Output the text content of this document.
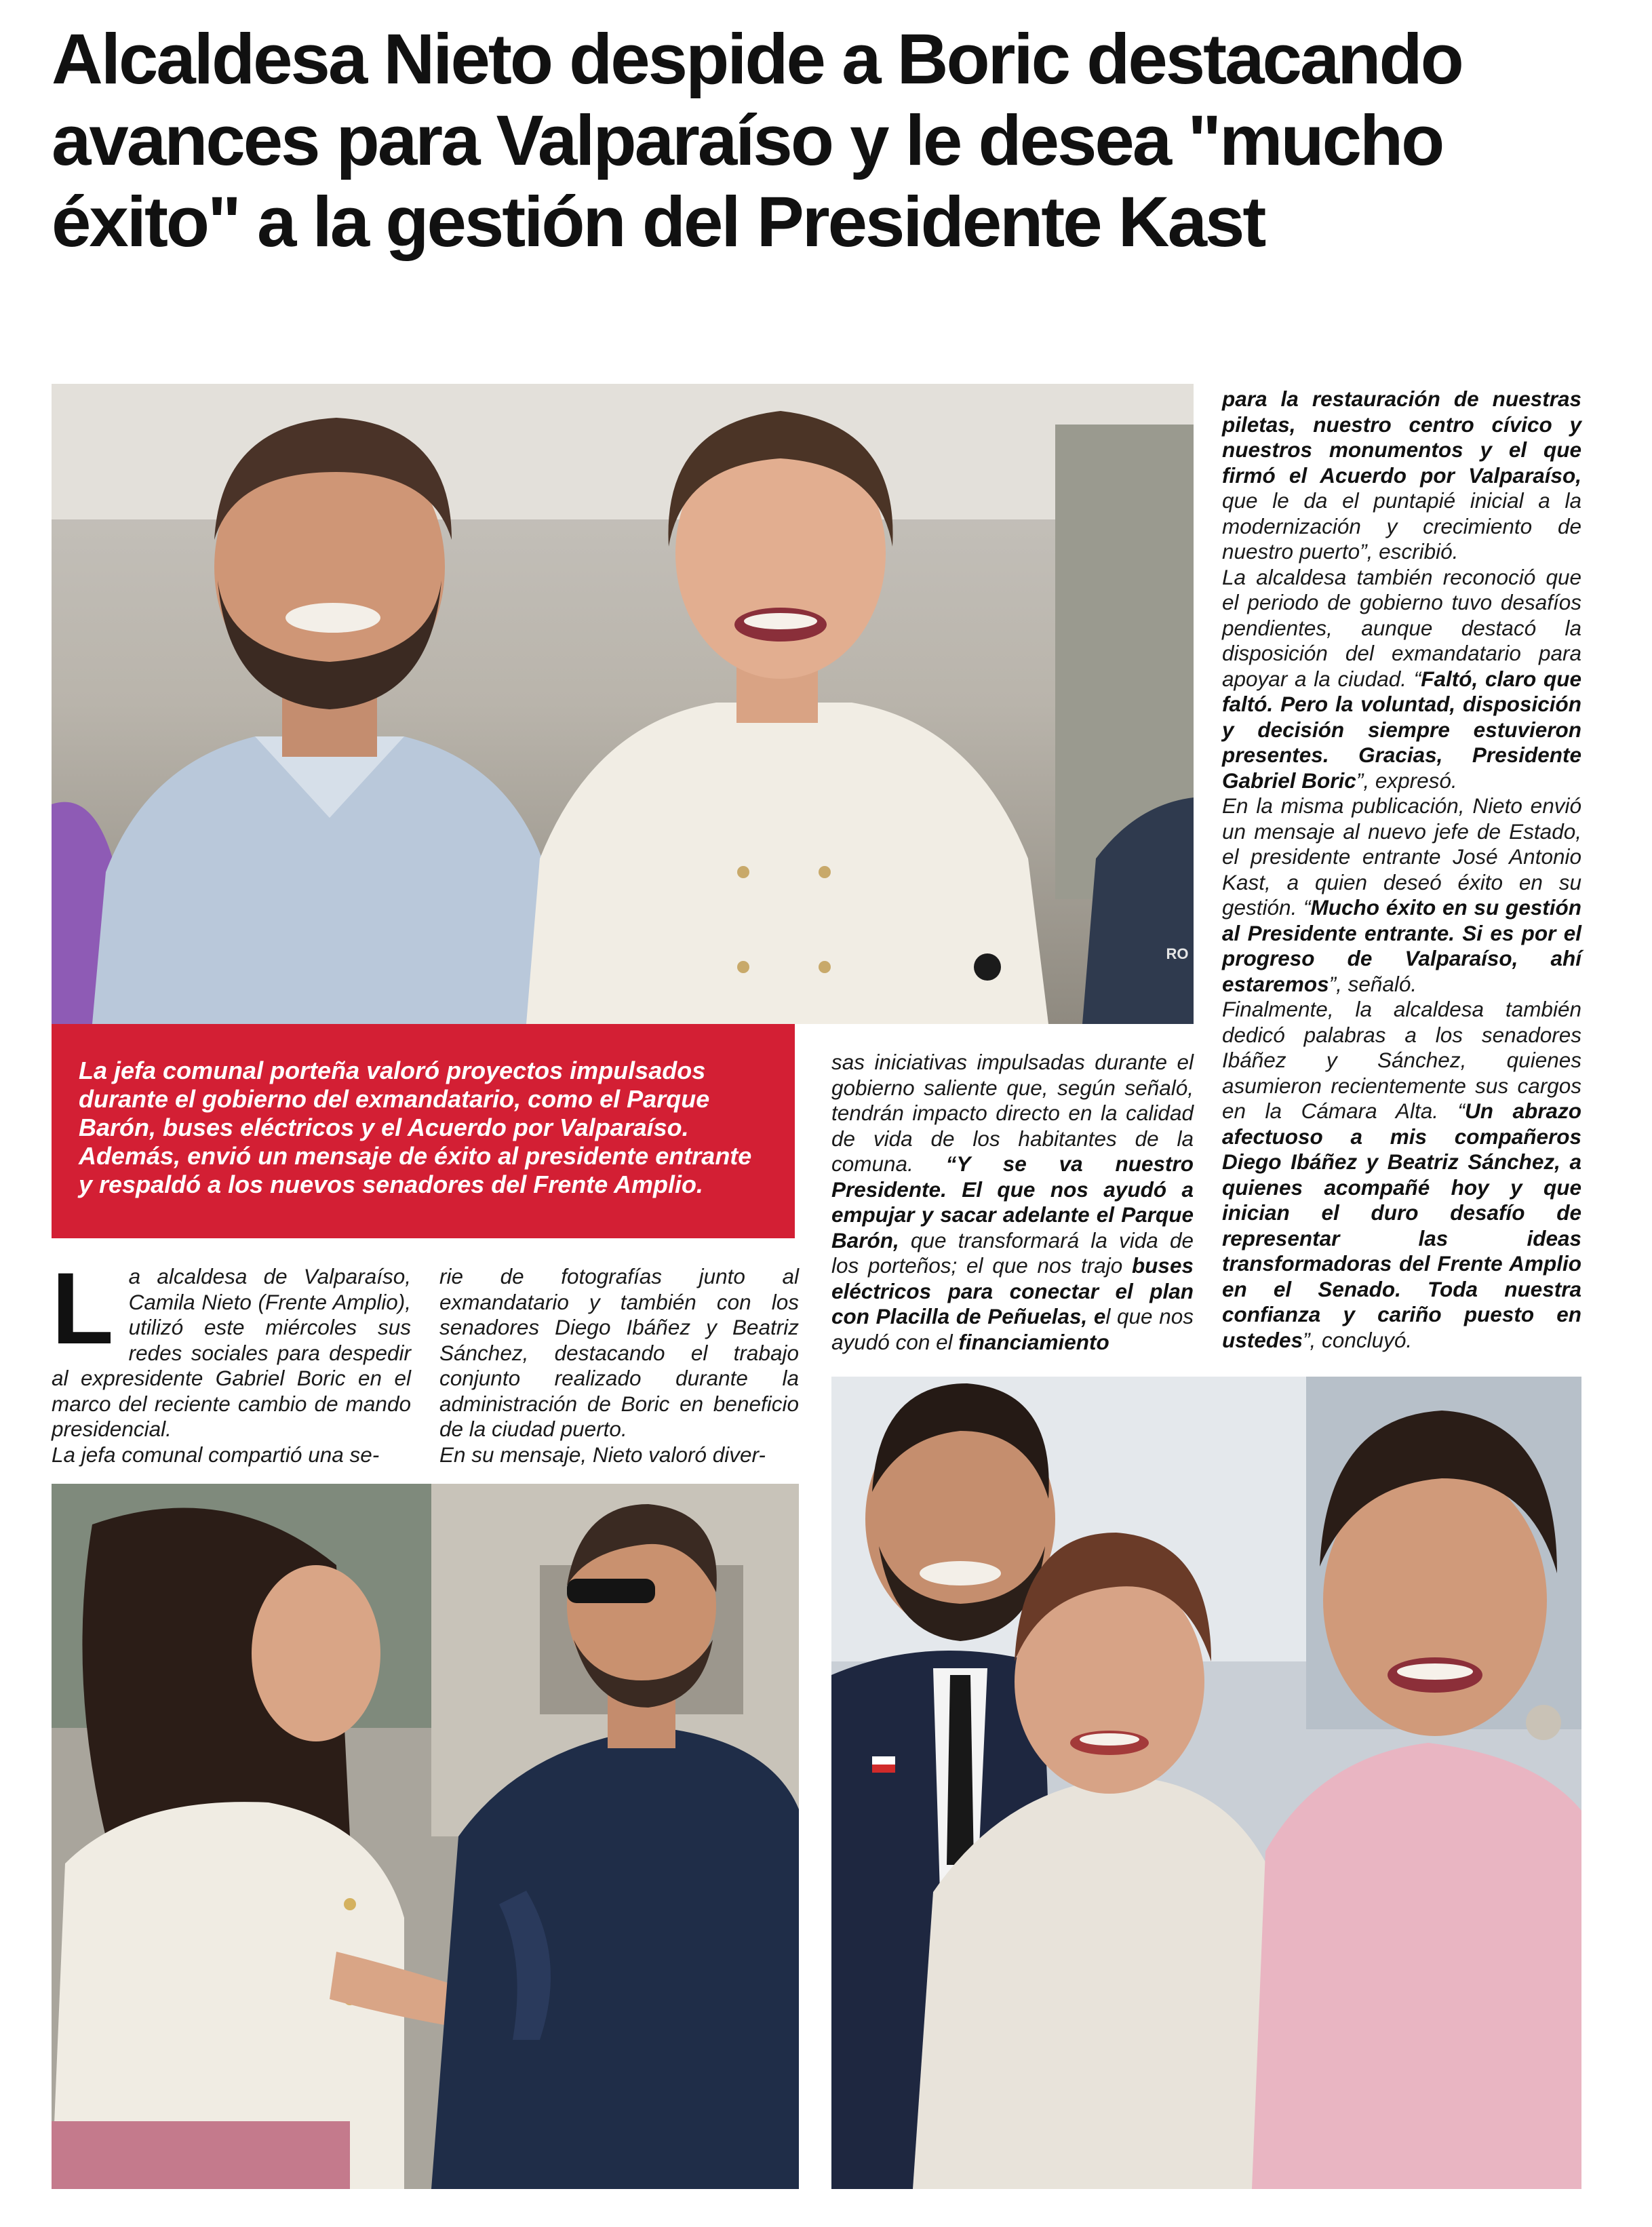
Alcaldesa Nieto despide a Boric destacando avances para Valparaíso y le desea "mucho éxito" a la gestión del Presidente Kast
RO
La jefa comunal porteña valoró proyectos impulsados durante el gobierno del exmandatario, como el Parque Barón, buses eléctricos y el Acuerdo por Valparaíso. Además, envió un mensaje de éxito al presidente entrante y respaldó a los nuevos senadores del Frente Amplio.

La alcaldesa de Valparaíso, Camila Nieto (Frente Amplio), utilizó este miércoles sus redes sociales para despedir al expresidente Gabriel Boric en el marco del reciente cambio de mando presidencial.

La jefa comunal compartió una se-

rie de fotografías junto al exmandatario y también con los senadores Diego Ibáñez y Beatriz Sánchez, destacando el trabajo conjunto realizado durante la administración de Boric en beneficio de la ciudad puerto.

En su mensaje, Nieto valoró diver-

sas iniciativas impulsadas durante el gobierno saliente que, según señaló, tendrán impacto directo en la calidad de vida de los habitantes de la comuna. “Y se va nuestro Presidente. El que nos ayudó a empujar y sacar adelante el Parque Barón, que transformará la vida de los porteños; el que nos trajo buses eléctricos para conectar el plan con Placilla de Peñuelas, el que nos ayudó con el financiamiento

para la restauración de nuestras piletas, nuestro centro cívico y nuestros monumentos y el que firmó el Acuerdo por Valparaíso, que le da el puntapié inicial a la modernización y crecimiento de nuestro puerto”, escribió.

La alcaldesa también reconoció que el periodo de gobierno tuvo desafíos pendientes, aunque destacó la disposición del exmandatario para apoyar a la ciudad. “Faltó, claro que faltó. Pero la voluntad, disposición y decisión siempre estuvieron presentes. Gracias, Presidente Gabriel Boric”, expresó.

En la misma publicación, Nieto envió un mensaje al nuevo jefe de Estado, el presidente entrante José Antonio Kast, a quien deseó éxito en su gestión. “Mucho éxito en su gestión al Presidente entrante. Si es por el progreso de Valparaíso, ahí estaremos”, señaló.

Finalmente, la alcaldesa también dedicó palabras a los senadores Ibáñez y Sánchez, quienes asumieron recientemente sus cargos en la Cámara Alta. “Un abrazo afectuoso a mis compañeros Diego Ibáñez y Beatriz Sánchez, a quienes acompañé hoy y que inician el duro desafío de representar las ideas transformadoras del Frente Amplio en el Senado. Toda nuestra confianza y cariño puesto en ustedes”, concluyó.
